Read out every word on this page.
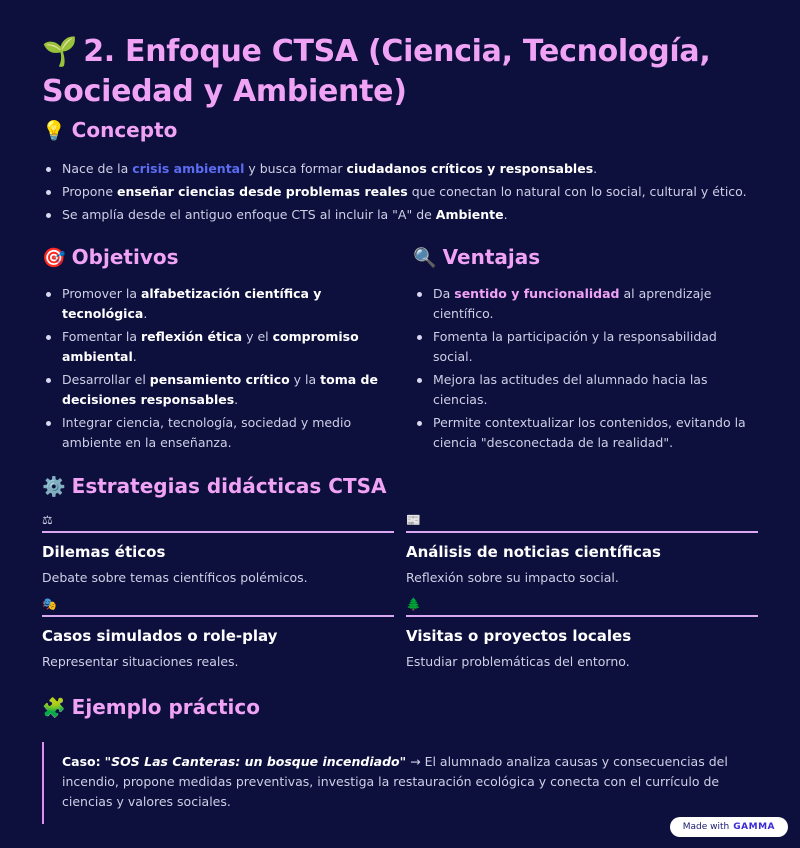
🌱 2. Enfoque CTSA (Ciencia, Tecnología, Sociedad y Ambiente)
💡 Concepto
Nace de la crisis ambiental y busca formar ciudadanos críticos y responsables.
Propone enseñar ciencias desde problemas reales que conectan lo natural con lo social, cultural y ético.
Se amplía desde el antiguo enfoque CTS al incluir la "A" de Ambiente.
🎯 Objetivos
Promover la alfabetización científica y tecnológica.
Fomentar la reflexión ética y el compromiso ambiental.
Desarrollar el pensamiento crítico y la toma de decisiones responsables.
Integrar ciencia, tecnología, sociedad y medio ambiente en la enseñanza.
🔍 Ventajas
Da sentido y funcionalidad al aprendizaje científico.
Fomenta la participación y la responsabilidad social.
Mejora las actitudes del alumnado hacia las ciencias.
Permite contextualizar los contenidos, evitando la ciencia "desconectada de la realidad".
⚙️ Estrategias didácticas CTSA
⚖
Dilemas éticos
Debate sobre temas científicos polémicos.
📰
Análisis de noticias científicas
Reflexión sobre su impacto social.
🎭
Casos simulados o role-play
Representar situaciones reales.
🌲
Visitas o proyectos locales
Estudiar problemáticas del entorno.
🧩 Ejemplo práctico
Caso: "SOS Las Canteras: un bosque incendiado" → El alumnado analiza causas y consecuencias del incendio, propone medidas preventivas, investiga la restauración ecológica y conecta con el currículo de ciencias y valores sociales.
Made with GAMMA
